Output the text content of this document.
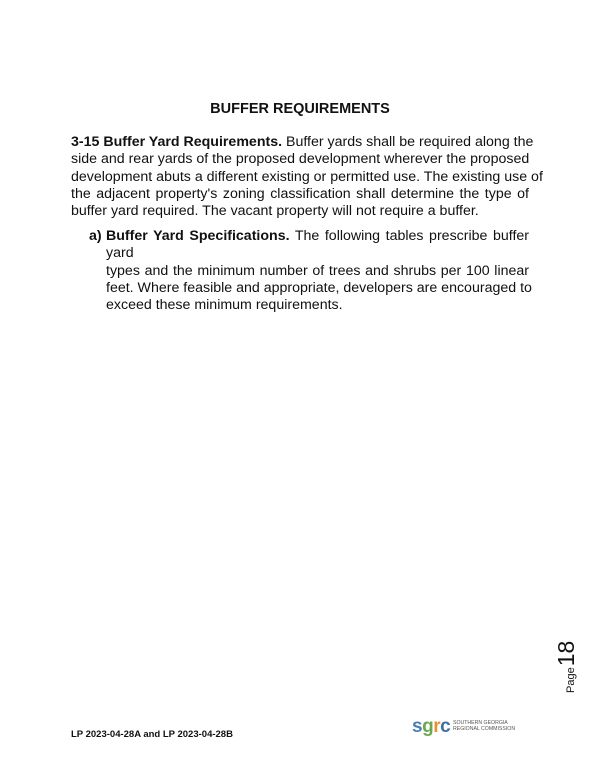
BUFFER REQUIREMENTS
3-15 Buffer Yard Requirements. Buffer yards shall be required along the
side and rear yards of the proposed development wherever the proposed
development abuts a different existing or permitted use. The existing use of
the adjacent property's zoning classification shall determine the type of
buffer yard required. The vacant property will not require a buffer.
a) Buffer Yard Specifications. The following tables prescribe buffer
yard
types and the minimum number of trees and shrubs per 100 linear
feet. Where feasible and appropriate, developers are encouraged to
exceed these minimum requirements.
Page18
LP 2023-04-28A and LP 2023-04-28B	sgrc SOUTHERN GEORGIA
REGIONAL COMMISSION
